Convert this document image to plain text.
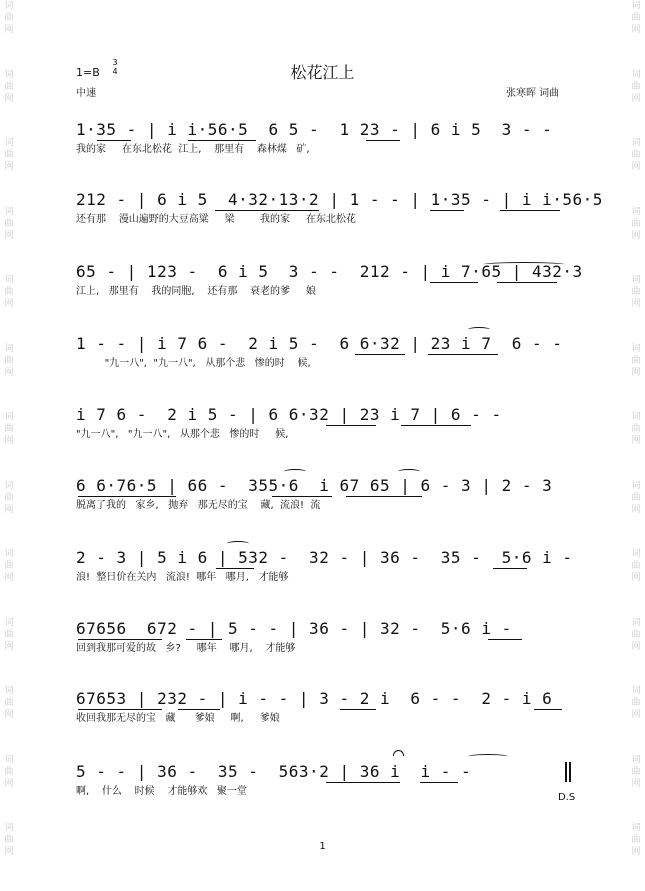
词
曲
网
词
曲
网
词
曲
网
词
曲
网
词
曲
网
词
曲
网
词
曲
网
词
曲
网
词
曲
网
词
曲
网
词
曲
网
词
曲
网
词
曲
网
词
曲
网
词
曲
网
词
曲
网
词
曲
网
词
曲
网
词
曲
网
词
曲
网
词
曲
网
词
曲
网
词
曲
网
词
曲
网
词
曲
网
词
曲
网
1=B
3
4	松花江上
中速	张寒晖 词曲
1·35 - | i i·56·5  6 5 -  1 23 - | 6 i 5  3 - -
我的家     在东北松花  江上,    那里有    森林煤   矿,
212 - | 6 i 5  4·32·13·2 | 1 - - | 1·35 - | i i·56·5
还有那    漫山遍野的大豆高粱     梁        我的家     在东北松花
65 - | 123 -  6 i 5  3 - -  212 - | i 7·65 | 432·3
江上,   那里有    我的同胞,    还有那    衰老的爹     娘
1 - - | i 7 6 -  2 i 5 -  6 6·32 | 23 i 7  6 - -
"九一八",  "九一八",   从那个悲   惨的时    候,
i 7 6 -  2 i 5 - | 6 6·32 | 23 i 7 | 6 - -
"九一八",   "九一八",   从那个悲   惨的时     候,
6 6·76·5 | 66 -  355·6  i 67 65 | 6 - 3 | 2 - 3
脱离了我的   家乡,   抛弃   那无尽的宝    藏,  流浪!  流
2 - 3 | 5 i 6 | 532 -  32 - | 36 -  35 -  5·6 i -
浪!  整日价在关内   流浪!  哪年   哪月,   才能够
67656  672 - | 5 - - | 36 - | 32 -  5·6 i -
回到我那可爱的故   乡?     哪年    哪月,    才能够
67653 | 232 - | i - - | 3 - 2 i  6 - -  2 - i 6
收回我那无尽的宝   藏      爹娘     啊,     爹娘
5 - - | 36 -  35 -  563·2 | 36 i  i - -
啊,    什么    时候    才能够欢   聚一堂
D.S
1
